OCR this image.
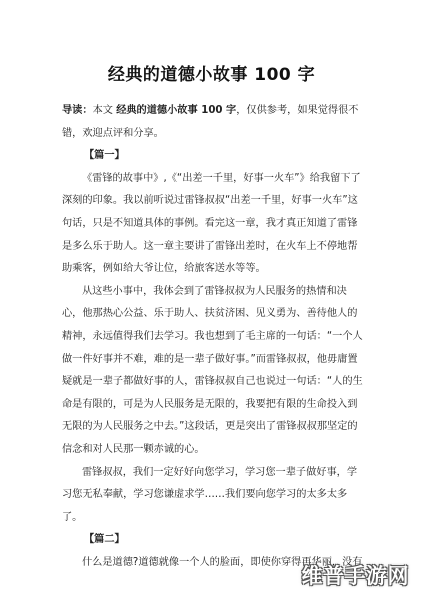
经典的道德小故事 100 字

导读：本文 经典的道德小故事 100 字，仅供参考，如果觉得很不错，欢迎点评和分享。

【篇一】

《雷锋的故事中》,《“出差一千里，好事一火车”》给我留下了深刻的印象。我以前听说过雷锋叔叔“出差一千里，好事一火车”这句话，只是不知道具体的事例。看完这一章，我才真正知道了雷锋是多么乐于助人。这一章主要讲了雷锋出差时，在火车上不停地帮助乘客，例如给大爷让位，给旅客送水等等。

从这些小事中，我体会到了雷锋叔叔为人民服务的热情和决心，他那热心公益、乐于助人、扶贫济困、见义勇为、善待他人的精神，永远值得我们去学习。我也想到了毛主席的一句话：“一个人做一件好事并不难，难的是一辈子做好事。”而雷锋叔叔，他毋庸置疑就是一辈子都做好事的人，雷锋叔叔自己也说过一句话：“人的生命是有限的，可是为人民服务是无限的，我要把有限的生命投入到无限的为人民服务之中去。”这段话，更是突出了雷锋叔叔那坚定的信念和对人民那一颗赤诚的心。

雷锋叔叔，我们一定好好向您学习，学习您一辈子做好事，学习您无私奉献，学习您谦虚求学……我们要向您学习的太多太多了。

【篇二】

什么是道德?道德就像一个人的脸面，即使你穿得再华丽，没有

维普手游网
